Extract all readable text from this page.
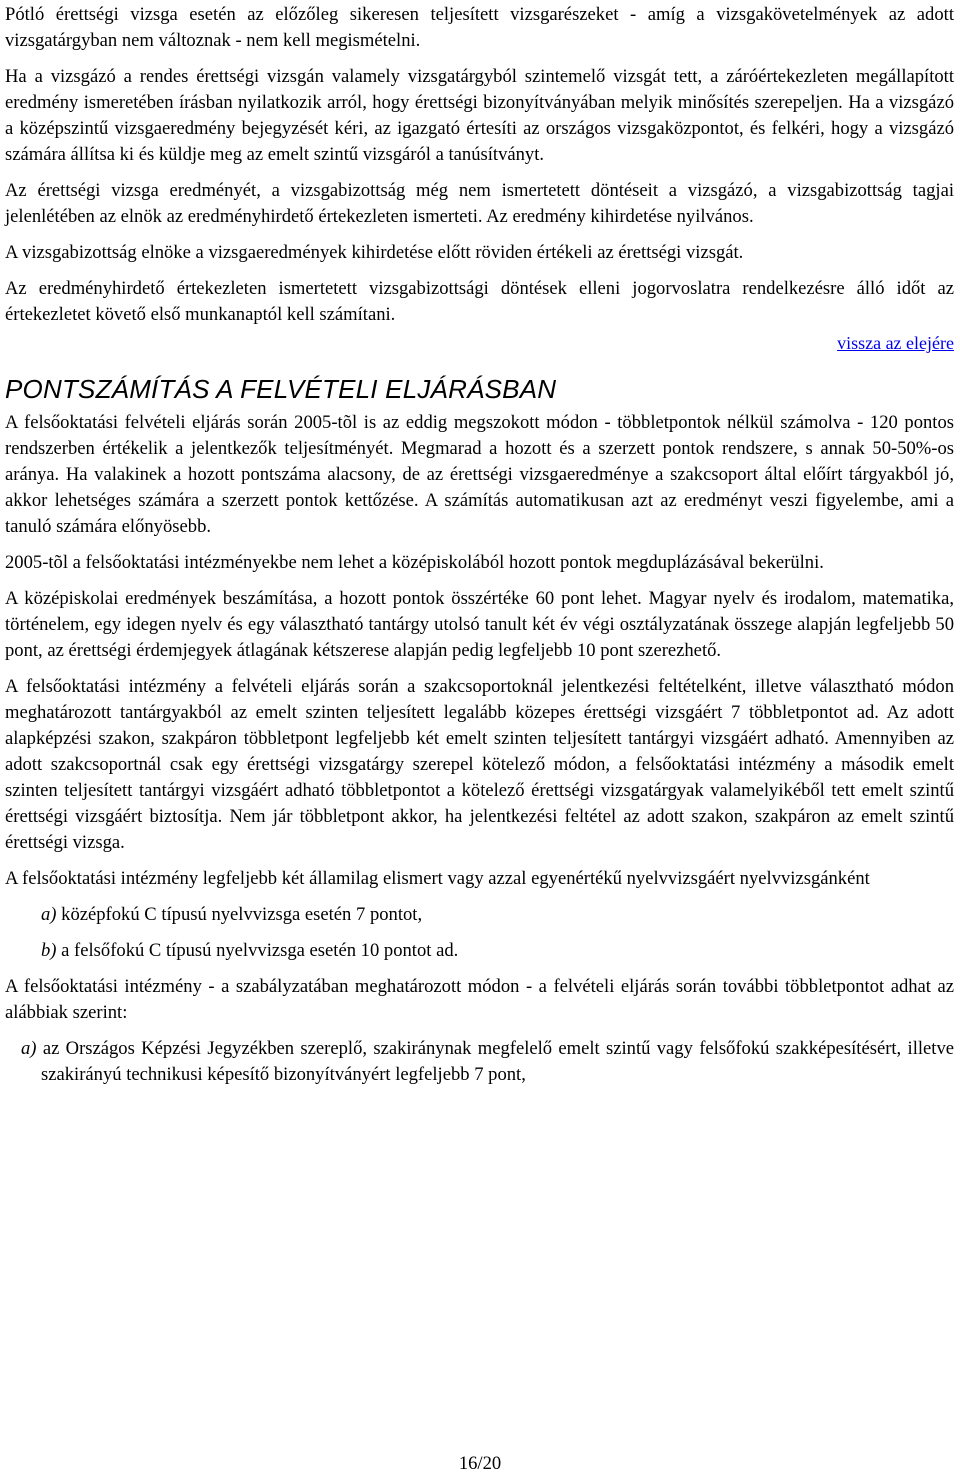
Pótló érettségi vizsga esetén az előzőleg sikeresen teljesített vizsgarészeket - amíg a vizsgakövetelmények az adott vizsgatárgyban nem változnak - nem kell megismételni.

Ha a vizsgázó a rendes érettségi vizsgán valamely vizsgatárgyból szintemelő vizsgát tett, a záróértekezleten megállapított eredmény ismeretében írásban nyilatkozik arról, hogy érettségi bizonyítványában melyik minősítés szerepeljen. Ha a vizsgázó a középszintű vizsgaeredmény bejegyzését kéri, az igazgató értesíti az országos vizsgaközpontot, és felkéri, hogy a vizsgázó számára állítsa ki és küldje meg az emelt szintű vizsgáról a tanúsítványt.

Az érettségi vizsga eredményét, a vizsgabizottság még nem ismertetett döntéseit a vizsgázó, a vizsgabizottság tagjai jelenlétében az elnök az eredményhirdető értekezleten ismerteti. Az eredmény kihirdetése nyilvános.

A vizsgabizottság elnöke a vizsgaeredmények kihirdetése előtt röviden értékeli az érettségi vizsgát.

Az eredményhirdető értekezleten ismertetett vizsgabizottsági döntések elleni jogorvoslatra rendelkezésre álló időt az értekezletet követő első munkanaptól kell számítani.

vissza az elejére
PONTSZÁMÍTÁS A FELVÉTELI ELJÁRÁSBAN

A felsőoktatási felvételi eljárás során 2005-tõl is az eddig megszokott módon - többletpontok nélkül számolva - 120 pontos rendszerben értékelik a jelentkezők teljesítményét. Megmarad a hozott és a szerzett pontok rendszere, s annak 50-50%-os aránya. Ha valakinek a hozott pontszáma alacsony, de az érettségi vizsgaeredménye a szakcsoport által előírt tárgyakból jó, akkor lehetséges számára a szerzett pontok kettőzése. A számítás automatikusan azt az eredményt veszi figyelembe, ami a tanuló számára előnyösebb.

2005-tõl a felsőoktatási intézményekbe nem lehet a középiskolából hozott pontok megduplázásával bekerülni.

A középiskolai eredmények beszámítása, a hozott pontok összértéke 60 pont lehet. Magyar nyelv és irodalom, matematika, történelem, egy idegen nyelv és egy választható tantárgy utolsó tanult két év végi osztályzatának összege alapján legfeljebb 50 pont, az érettségi érdemjegyek átlagának kétszerese alapján pedig legfeljebb 10 pont szerezhető.

A felsőoktatási intézmény a felvételi eljárás során a szakcsoportoknál jelentkezési feltételként, illetve választható módon meghatározott tantárgyakból az emelt szinten teljesített legalább közepes érettségi vizsgáért 7 többletpontot ad. Az adott alapképzési szakon, szakpáron többletpont legfeljebb két emelt szinten teljesített tantárgyi vizsgáért adható. Amennyiben az adott szakcsoportnál csak egy érettségi vizsgatárgy szerepel kötelező módon, a felsőoktatási intézmény a második emelt szinten teljesített tantárgyi vizsgáért adható többletpontot a kötelező érettségi vizsgatárgyak valamelyikéből tett emelt szintű érettségi vizsgáért biztosítja. Nem jár többletpont akkor, ha jelentkezési feltétel az adott szakon, szakpáron az emelt szintű érettségi vizsga.

A felsőoktatási intézmény legfeljebb két államilag elismert vagy azzal egyenértékű nyelvvizsgáért nyelvvizsgánként

a) középfokú C típusú nyelvvizsga esetén 7 pontot,

b) a felsőfokú C típusú nyelvvizsga esetén 10 pontot ad.

A felsőoktatási intézmény - a szabályzatában meghatározott módon - a felvételi eljárás során további többletpontot adhat az alábbiak szerint:

a) az Országos Képzési Jegyzékben szereplő, szakiránynak megfelelő emelt szintű vagy felsőfokú szakképesítésért, illetve szakirányú technikusi képesítő bizonyítványért legfeljebb 7 pont,

16/20
